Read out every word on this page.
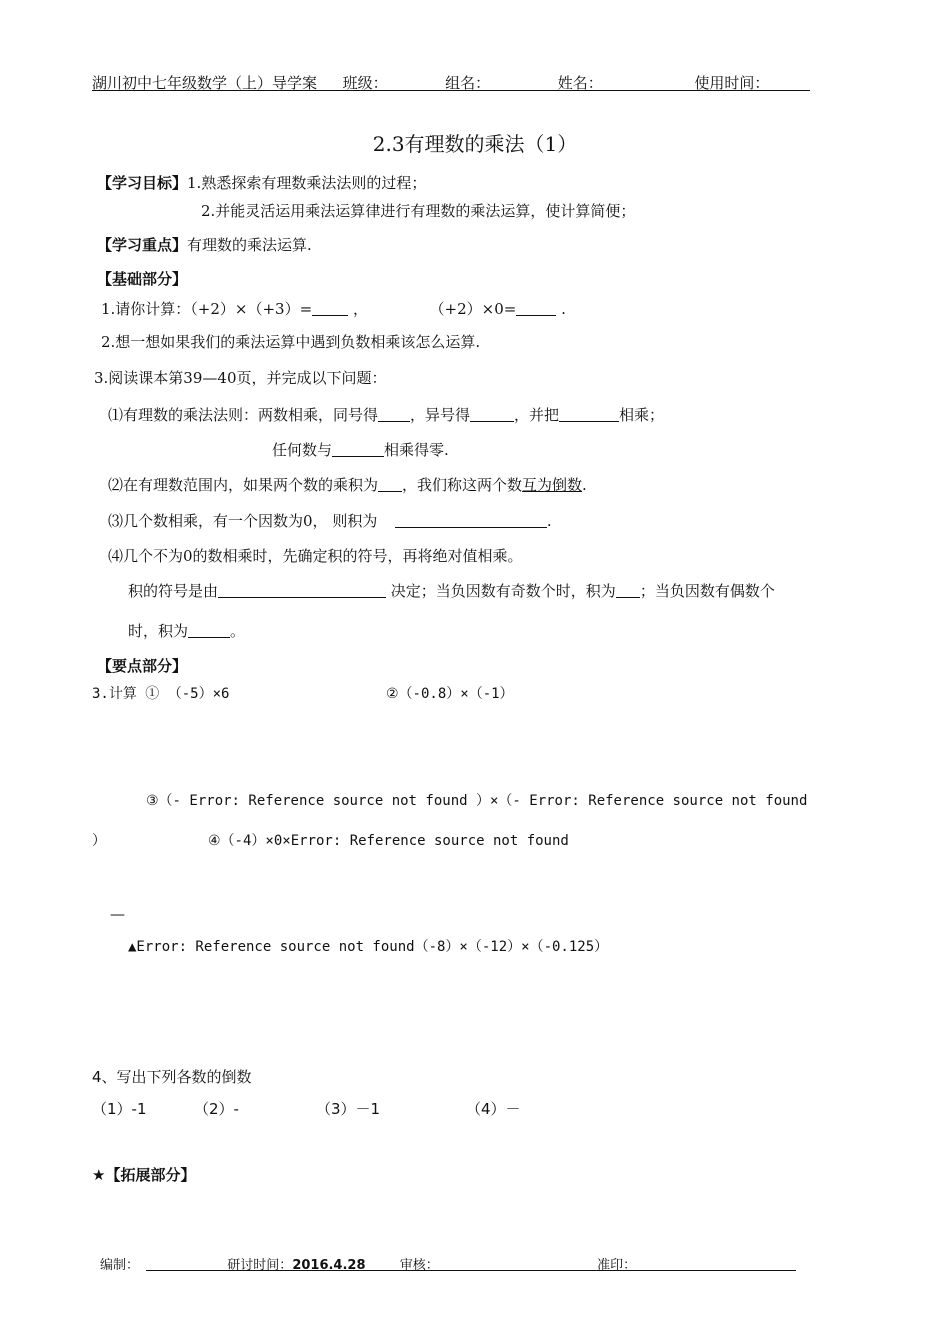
湖川初中七年级数学（上）导学案 班级：	组名：	姓名：	使用时间：
2.3有理数的乘法（1）
【学习目标】1.熟悉探索有理数乘法法则的过程；
2.并能灵活运用乘法运算律进行有理数的乘法运算，使计算简便；
【学习重点】有理数的乘法运算.
【基础部分】
1.请你计算：（+2）×（+3）=	，	（+2）×0=	.
2.想一想如果我们的乘法运算中遇到负数相乘该怎么运算.
3.阅读课本第39—40页，并完成以下问题：
⑴有理数的乘法法则：两数相乘，同号得 ，异号得	，并把	相乘；
任何数与	相乘得零.
⑵在有理数范围内，如果两个数的乘积为 ，我们称这两个数互为倒数.
⑶几个数相乘，有一个因数为0， 则积为	.
⑷几个不为0的数相乘时，先确定积的符号，再将绝对值相乘。
积的符号是由	决定；当负因数有奇数个时，积为 ；当负因数有偶数个
时，积为	。
【要点部分】
3.计算 ① （-5）×6	②（-0.8）×（-1）
③（- Error: Reference source not found ）×（- Error: Reference source not found
）	④（-4）×0×Error: Reference source not found
—
▲Error: Reference source not found（-8）×（-12）×（-0.125）
4、写出下列各数的倒数
（1）-1	（2）-	（3）－1	（4）－
★【拓展部分】
编制：	研讨时间：2016.4.28	审核：	准印：
